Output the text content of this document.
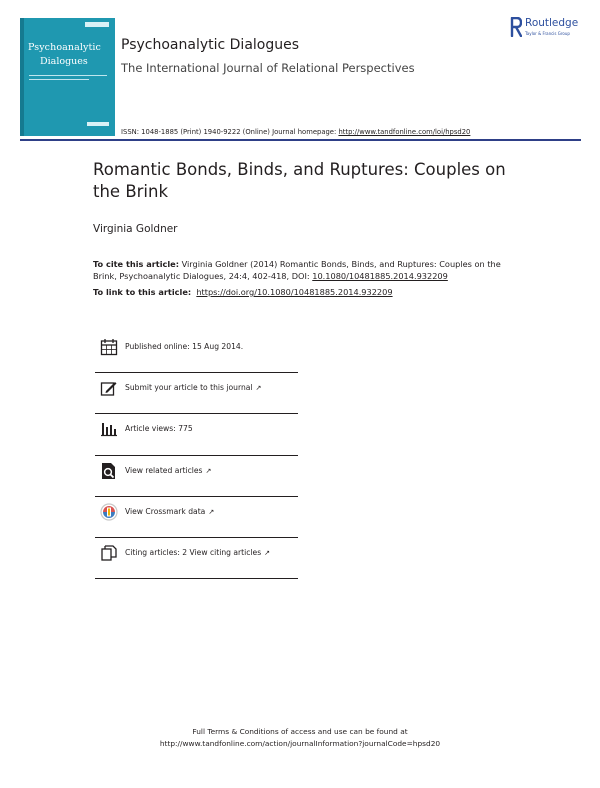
Psychoanalytic
Dialogues
Psychoanalytic Dialogues
The International Journal of Relational Perspectives
Routledge
Taylor & Francis Group
ISSN: 1048-1885 (Print) 1940-9222 (Online) Journal homepage: http://www.tandfonline.com/loi/hpsd20
Romantic Bonds, Binds, and Ruptures: Couples on the Brink
Virginia Goldner
To cite this article: Virginia Goldner (2014) Romantic Bonds, Binds, and Ruptures: Couples on the Brink, Psychoanalytic Dialogues, 24:4, 402-418, DOI: 10.1080/10481885.2014.932209
To link to this article: https://doi.org/10.1080/10481885.2014.932209
Published online: 15 Aug 2014.
Submit your article to this journal ↗
Article views: 775
View related articles ↗
View Crossmark data ↗
Citing articles: 2 View citing articles ↗
Full Terms & Conditions of access and use can be found at
http://www.tandfonline.com/action/journalInformation?journalCode=hpsd20
